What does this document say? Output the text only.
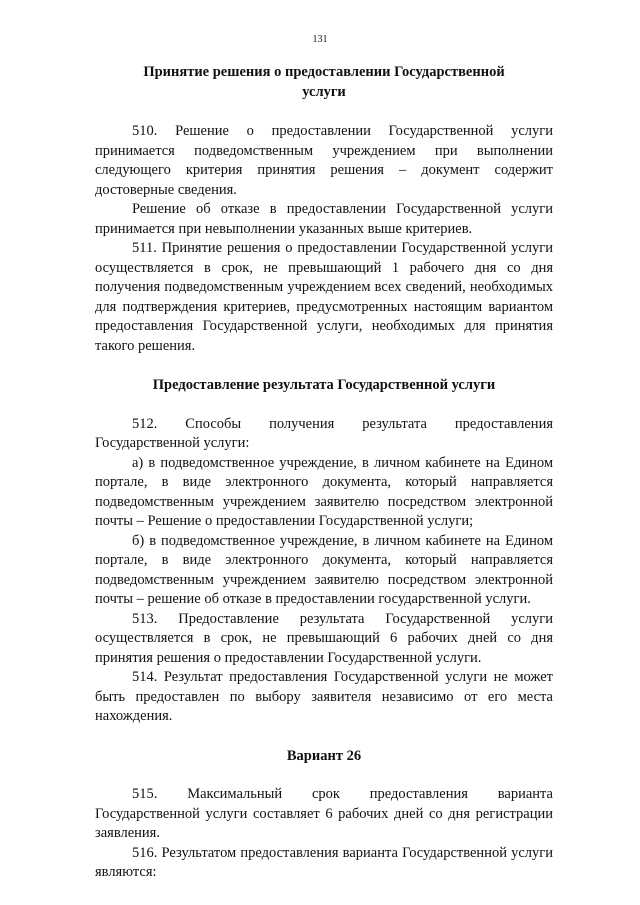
131
Принятие решения о предоставлении Государственной услуги
510. Решение о предоставлении Государственной услуги принимается подведомственным учреждением при выполнении следующего критерия принятия решения – документ содержит достоверные сведения.
Решение об отказе в предоставлении Государственной услуги принимается при невыполнении указанных выше критериев.
511. Принятие решения о предоставлении Государственной услуги осуществляется в срок, не превышающий 1 рабочего дня со дня получения подведомственным учреждением всех сведений, необходимых для подтверждения критериев, предусмотренных настоящим вариантом предоставления Государственной услуги, необходимых для принятия такого решения.
Предоставление результата Государственной услуги
512. Способы получения результата предоставления Государственной услуги:
а) в подведомственное учреждение, в личном кабинете на Едином портале, в виде электронного документа, который направляется подведомственным учреждением заявителю посредством электронной почты – Решение о предоставлении Государственной услуги;
б) в подведомственное учреждение, в личном кабинете на Едином портале, в виде электронного документа, который направляется подведомственным учреждением заявителю посредством электронной почты – решение об отказе в предоставлении государственной услуги.
513. Предоставление результата Государственной услуги осуществляется в срок, не превышающий 6 рабочих дней со дня принятия решения о предоставлении Государственной услуги.
514. Результат предоставления Государственной услуги не может быть предоставлен по выбору заявителя независимо от его места нахождения.
Вариант 26
515. Максимальный срок предоставления варианта Государственной услуги составляет 6 рабочих дней со дня регистрации заявления.
516. Результатом предоставления варианта Государственной услуги являются:
